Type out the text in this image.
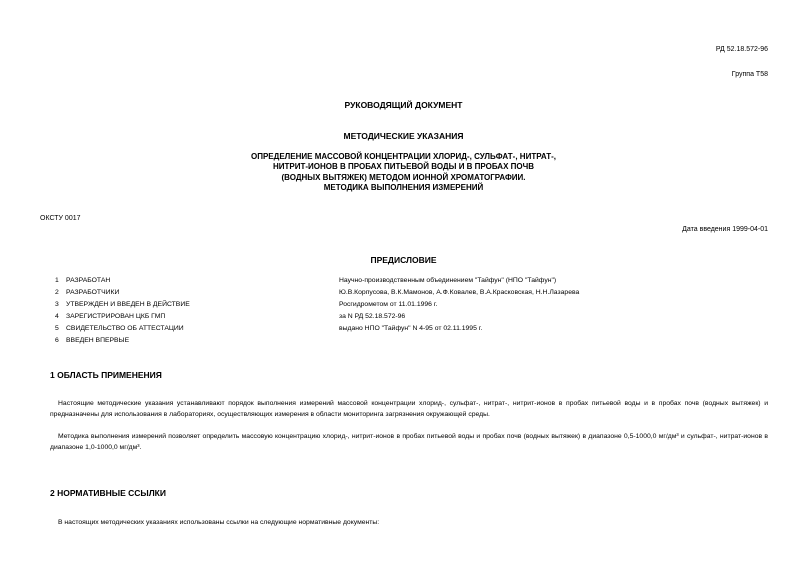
РД 52.18.572-96
Группа Т58
РУКОВОДЯЩИЙ ДОКУМЕНТ
МЕТОДИЧЕСКИЕ УКАЗАНИЯ
ОПРЕДЕЛЕНИЕ МАССОВОЙ КОНЦЕНТРАЦИИ ХЛОРИД-, СУЛЬФАТ-, НИТРАТ-,
НИТРИТ-ИОНОВ В ПРОБАХ ПИТЬЕВОЙ ВОДЫ И В ПРОБАХ ПОЧВ
(ВОДНЫХ ВЫТЯЖЕК) МЕТОДОМ ИОННОЙ ХРОМАТОГРАФИИ.
МЕТОДИКА ВЫПОЛНЕНИЯ ИЗМЕРЕНИЙ
ОКСТУ 0017
Дата введения 1999-04-01
ПРЕДИСЛОВИЕ
1 РАЗРАБОТАН	Научно-производственным объединением "Тайфун" (НПО "Тайфун")
2 РАЗРАБОТЧИКИ	Ю.В.Корпусова, В.К.Мамонов, А.Ф.Ковалев, В.А.Красковская, Н.Н.Лазарева
3 УТВЕРЖДЕН И ВВЕДЕН В ДЕЙСТВИЕ	Росгидрометом от 11.01.1996 г.
4 ЗАРЕГИСТРИРОВАН ЦКБ ГМП	за N РД 52.18.572-96
5 СВИДЕТЕЛЬСТВО ОБ АТТЕСТАЦИИ	выдано НПО "Тайфун" N 4-95 от 02.11.1995 г.
6 ВВЕДЕН ВПЕРВЫЕ
1 ОБЛАСТЬ ПРИМЕНЕНИЯ
Настоящие методические указания устанавливают порядок выполнения измерений массовой концентрации хлорид-, сульфат-, нитрат-, нитрит-ионов в пробах питьевой воды и в пробах почв (водных вытяжек) и предназначены для использования в лабораториях, осуществляющих измерения в области мониторинга загрязнения окружающей среды.
Методика выполнения измерений позволяет определить массовую концентрацию хлорид-, нитрит-ионов в пробах питьевой воды и пробах почв (водных вытяжек) в диапазоне 0,5-1000,0 мг/дм³ и сульфат-, нитрат-ионов в диапазоне 1,0-1000,0 мг/дм³.
2 НОРМАТИВНЫЕ ССЫЛКИ
В настоящих методических указаниях использованы ссылки на следующие нормативные документы:
